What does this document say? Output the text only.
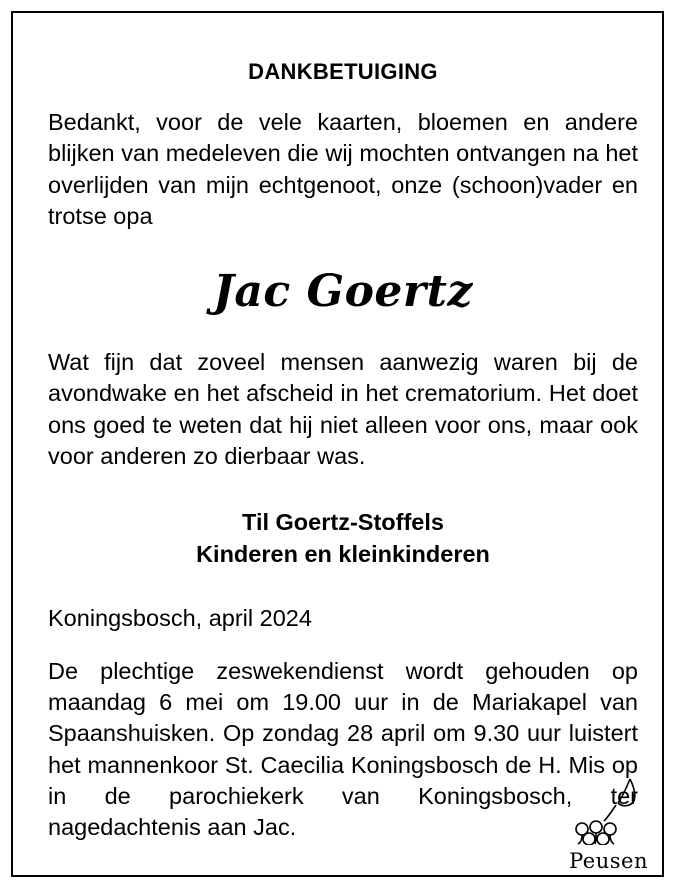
DANKBETUIGING

Bedankt, voor de vele kaarten, bloemen en andere blijken van medeleven die wij mochten ontvangen na het overlijden van mijn echtgenoot, onze (schoon)vader en trotse opa

Jac Goertz

Wat fijn dat zoveel mensen aanwezig waren bij de avondwake en het afscheid in het crematorium. Het doet ons goed te weten dat hij niet alleen voor ons, maar ook voor anderen zo dierbaar was.

Til Goertz-Stoffels
Kinderen en kleinkinderen

Koningsbosch, april 2024

De plechtige zeswekendienst wordt gehouden op maandag 6 mei om 19.00 uur in de Mariakapel van Spaanshuisken. Op zondag 28 april om 9.30 uur luistert het mannenkoor St. Caecilia Koningsbosch de H. Mis op in de parochiekerk van Koningsbosch, ter nagedachtenis aan Jac.

Peusen
